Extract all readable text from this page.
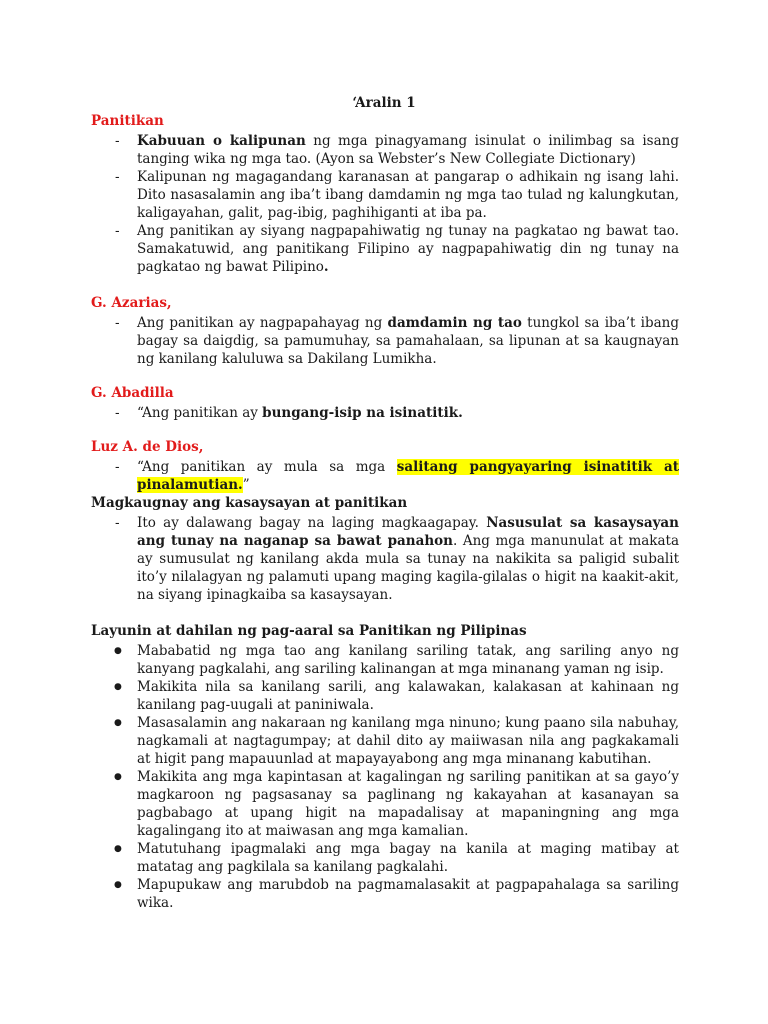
‘Aralin 1

Panitikan

- Kabuuan o kalipunan ng mga pinagyamang isinulat o inilimbag sa isang tanging wika ng mga tao. (Ayon sa Webster’s New Collegiate Dictionary)
- Kalipunan ng magagandang karanasan at pangarap o adhikain ng isang lahi. Dito nasasalamin ang iba’t ibang damdamin ng mga tao tulad ng kalungkutan, kaligayahan, galit, pag-ibig, paghihiganti at iba pa.
- Ang panitikan ay siyang nagpapahiwatig ng tunay na pagkatao ng bawat tao. Samakatuwid, ang panitikang Filipino ay nagpapahiwatig din ng tunay na pagkatao ng bawat Pilipino.

G. Azarias,

- Ang panitikan ay nagpapahayag ng damdamin ng tao tungkol sa iba’t ibang bagay sa daigdig, sa pamumuhay, sa pamahalaan, sa lipunan at sa kaugnayan ng kanilang kaluluwa sa Dakilang Lumikha.

G. Abadilla

- “Ang panitikan ay bungang-isip na isinatitik.

Luz A. de Dios,

- “Ang panitikan ay mula sa mga salitang pangyayaring isinatitik at pinalamutian.”

Magkaugnay ang kasaysayan at panitikan

- Ito ay dalawang bagay na laging magkaagapay. Nasusulat sa kasaysayan ang tunay na naganap sa bawat panahon. Ang mga manunulat at makata ay sumusulat ng kanilang akda mula sa tunay na nakikita sa paligid subalit ito’y nilalagyan ng palamuti upang maging kagila-gilalas o higit na kaakit-akit, na siyang ipinagkaiba sa kasaysayan.

Layunin at dahilan ng pag-aaral sa Panitikan ng Pilipinas

● Mababatid ng mga tao ang kanilang sariling tatak, ang sariling anyo ng kanyang pagkalahi, ang sariling kalinangan at mga minanang yaman ng isip.
● Makikita nila sa kanilang sarili, ang kalawakan, kalakasan at kahinaan ng kanilang pag-uugali at paniniwala.
● Masasalamin ang nakaraan ng kanilang mga ninuno; kung paano sila nabuhay, nagkamali at nagtagumpay; at dahil dito ay maiiwasan nila ang pagkakamali at higit pang mapauunlad at mapayayabong ang mga minanang kabutihan.
● Makikita ang mga kapintasan at kagalingan ng sariling panitikan at sa gayo’y magkaroon ng pagsasanay sa paglinang ng kakayahan at kasanayan sa pagbabago at upang higit na mapadalisay at mapaningning ang mga kagalingang ito at maiwasan ang mga kamalian.
● Matutuhang ipagmalaki ang mga bagay na kanila at maging matibay at matatag ang pagkilala sa kanilang pagkalahi.
● Mapupukaw ang marubdob na pagmamalasakit at pagpapahalaga sa sariling wika.
